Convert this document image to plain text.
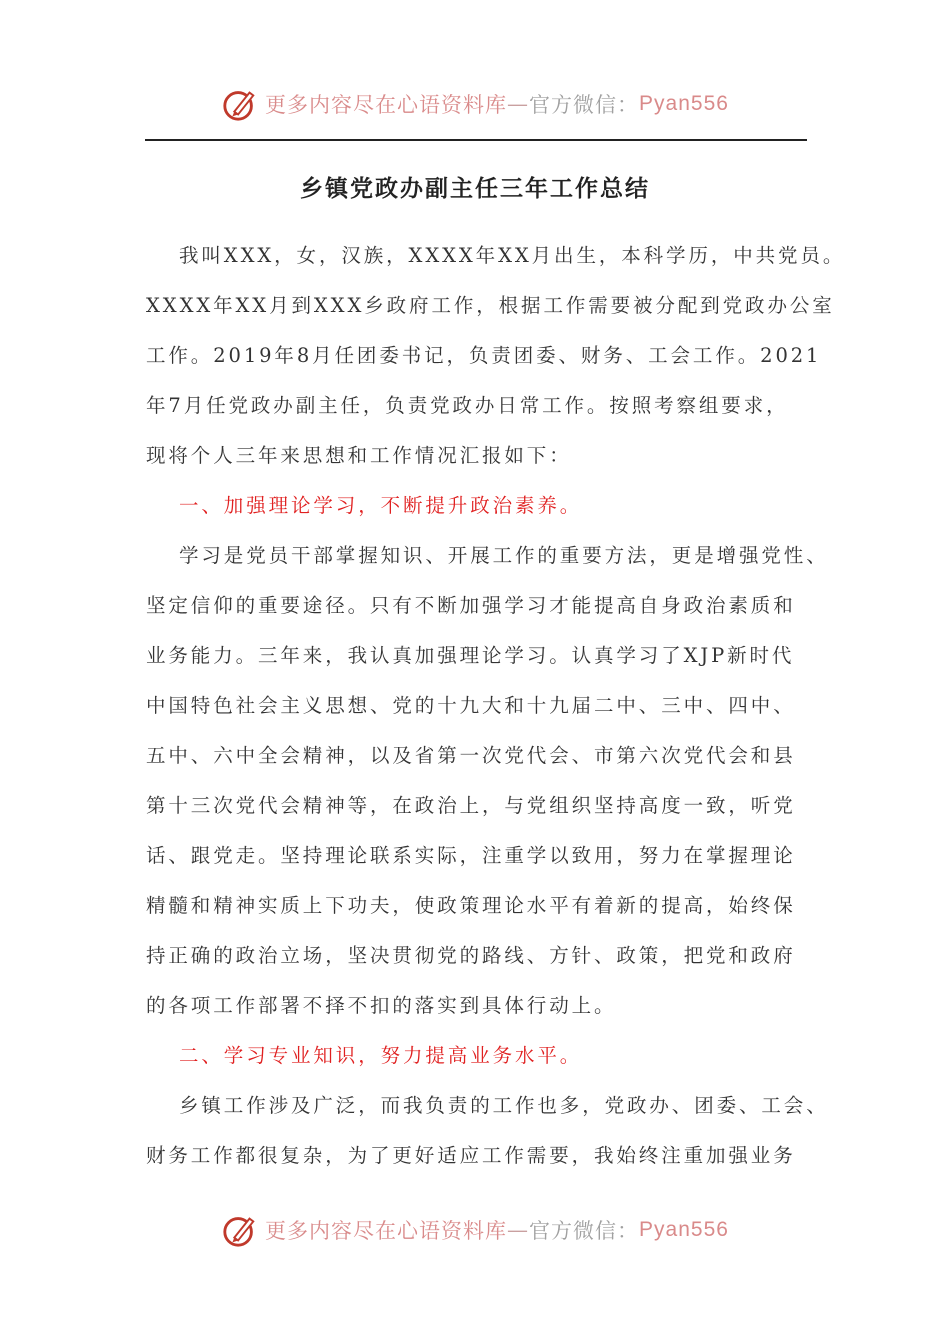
更多内容尽在心语资料库 — 官方微信： Pyan556
乡镇党政办副主任三年工作总结
我叫XXX，女，汉族，XXXX年XX月出生，本科学历，中共党员。
XXXX年XX月到XXX乡政府工作，根据工作需要被分配到党政办公室
工作。2019年8月任团委书记，负责团委、财务、工会工作。2021
年7月任党政办副主任，负责党政办日常工作。按照考察组要求，
现将个人三年来思想和工作情况汇报如下：
一、加强理论学习，不断提升政治素养。
学习是党员干部掌握知识、开展工作的重要方法，更是增强党性、
坚定信仰的重要途径。只有不断加强学习才能提高自身政治素质和
业务能力。三年来，我认真加强理论学习。认真学习了XJP新时代
中国特色社会主义思想、党的十九大和十九届二中、三中、四中、
五中、六中全会精神，以及省第一次党代会、市第六次党代会和县
第十三次党代会精神等，在政治上，与党组织坚持高度一致，听党
话、跟党走。坚持理论联系实际，注重学以致用，努力在掌握理论
精髓和精神实质上下功夫，使政策理论水平有着新的提高，始终保
持正确的政治立场，坚决贯彻党的路线、方针、政策，把党和政府
的各项工作部署不择不扣的落实到具体行动上。
二、学习专业知识，努力提高业务水平。
乡镇工作涉及广泛，而我负责的工作也多，党政办、团委、工会、
财务工作都很复杂，为了更好适应工作需要，我始终注重加强业务
更多内容尽在心语资料库 — 官方微信： Pyan556
